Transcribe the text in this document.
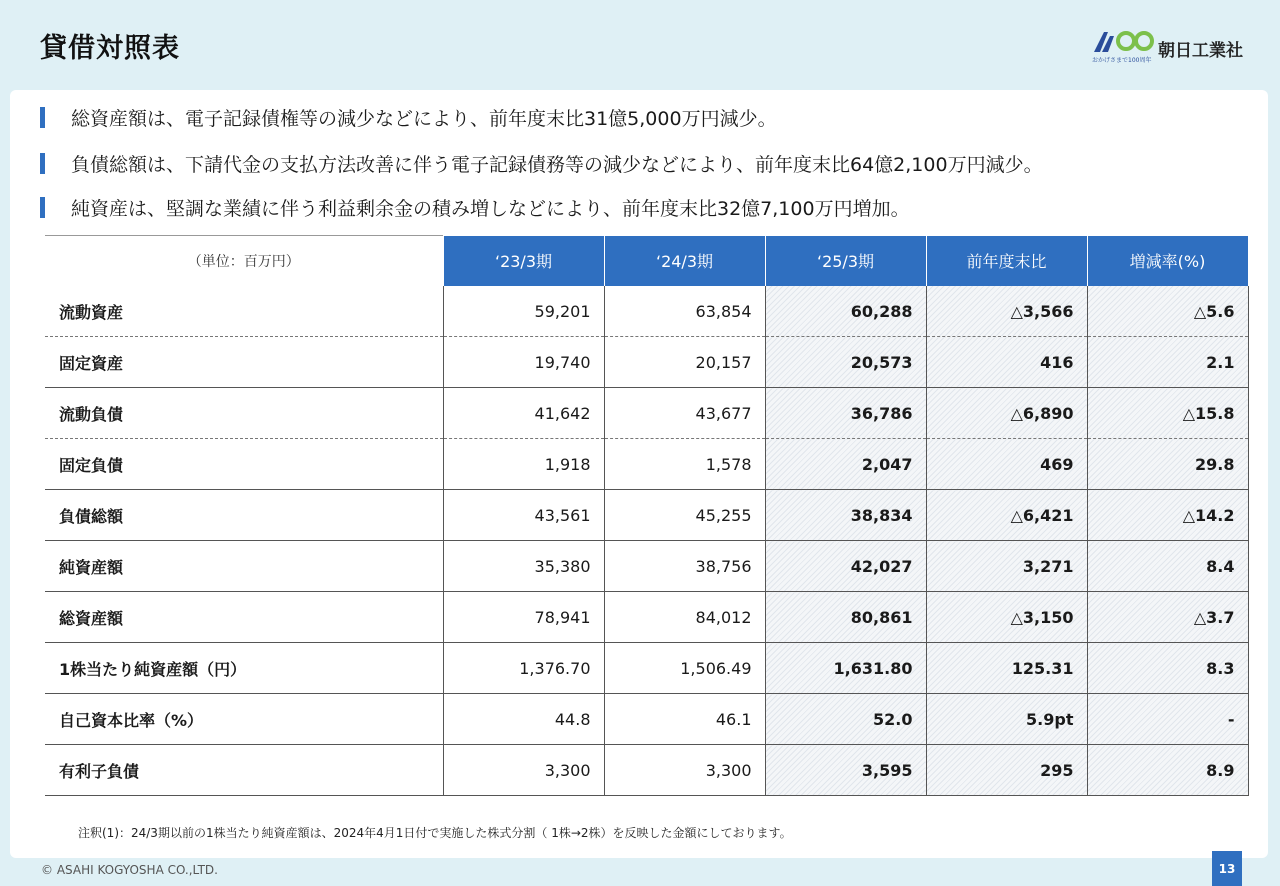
貸借対照表	朝日工業社
おかげさまで100周年
総資産額は、電子記録債権等の減少などにより、前年度末比31億5,000万円減少。
負債総額は、下請代金の支払方法改善に伴う電子記録債務等の減少などにより、前年度末比64億2,100万円減少。
純資産は、堅調な業績に伴う利益剰余金の積み増しなどにより、前年度末比32億7,100万円増加。
（単位：百万円）	‘23/3期	‘24/3期	‘25/3期	前年度末比	増減率(%)
流動資産	59,201	63,854	60,288	△3,566	△5.6
固定資産	19,740	20,157	20,573	416	2.1
流動負債	41,642	43,677	36,786	△6,890	△15.8
固定負債	1,918	1,578	2,047	469	29.8
負債総額	43,561	45,255	38,834	△6,421	△14.2
純資産額	35,380	38,756	42,027	3,271	8.4
総資産額	78,941	84,012	80,861	△3,150	△3.7
1株当たり純資産額（円）	1,376.70	1,506.49	1,631.80	125.31	8.3
自己資本比率（%）	44.8	46.1	52.0	5.9pt	-
有利子負債	3,300	3,300	3,595	295	8.9
注釈(1)：24/3期以前の1株当たり純資産額は、2024年4月1日付で実施した株式分割（ 1株→2株）を反映した金額にしております。
© ASAHI KOGYOSHA CO.,LTD.	13
